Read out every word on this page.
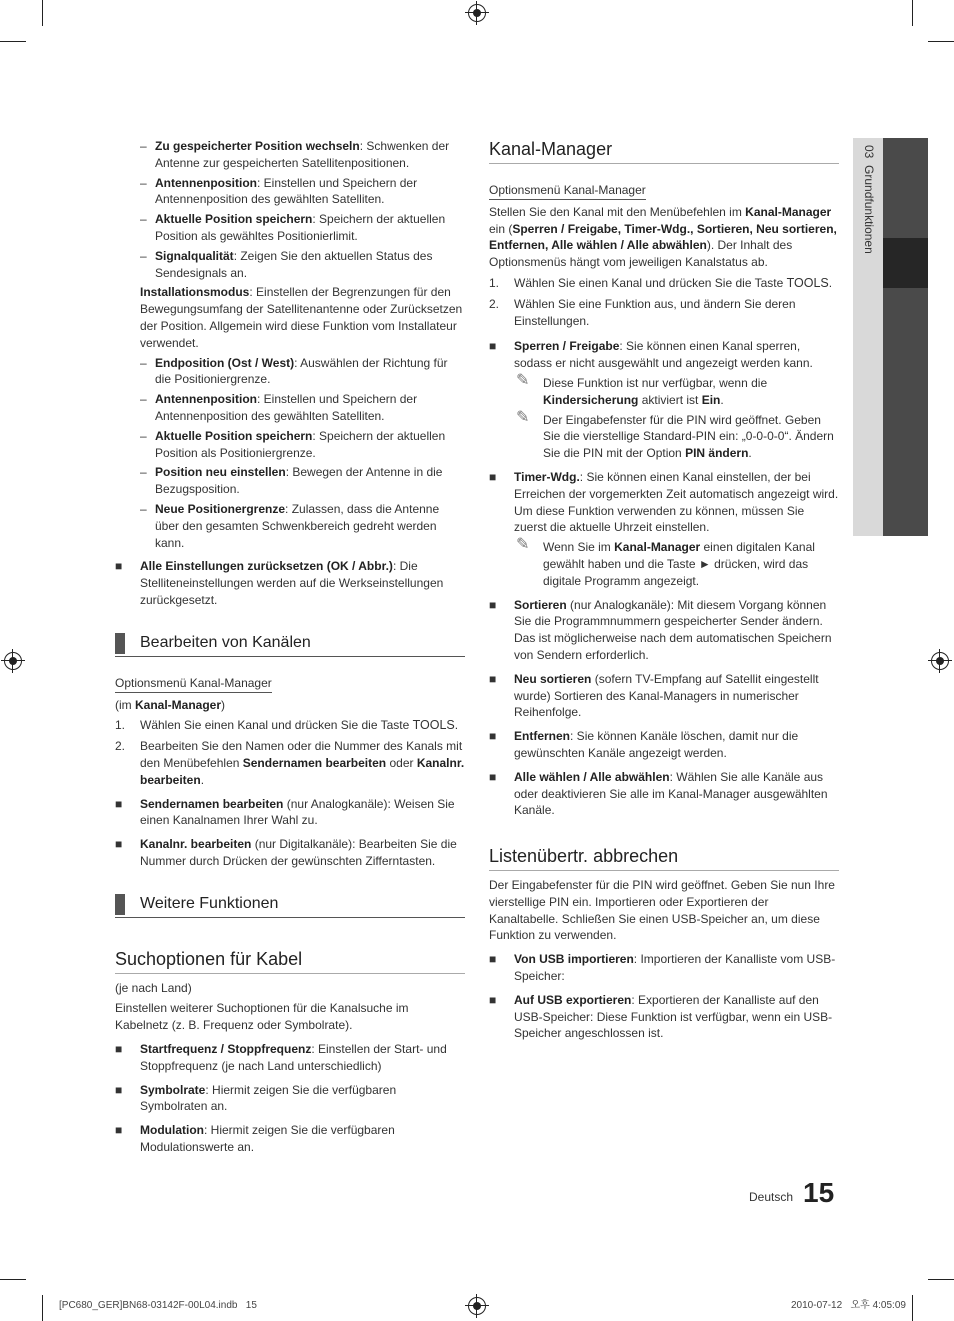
03  Grundfunktionen
– Zu gespeicherter Position wechseln: Schwenken der Antenne zur gespeicherten Satellitenpositionen.
– Antennenposition: Einstellen und Speichern der Antennenposition des gewählten Satelliten.
– Aktuelle Position speichern: Speichern der aktuellen Position als gewähltes Positionierlimit.
– Signalqualität: Zeigen Sie den aktuellen Status des Sendesignals an.
Installationsmodus: Einstellen der Begrenzungen für den Bewegungsumfang der Satellitenantenne oder Zurücksetzen der Position. Allgemein wird diese Funktion vom Installateur verwendet.
– Endposition (Ost / West): Auswählen der Richtung für die Positioniergrenze.
– Antennenposition: Einstellen und Speichern der Antennenposition des gewählten Satelliten.
– Aktuelle Position speichern: Speichern der aktuellen Position als Positioniergrenze.
– Position neu einstellen: Bewegen der Antenne in die Bezugsposition.
– Neue Positionergrenze: Zulassen, dass die Antenne über den gesamten Schwenkbereich gedreht werden kann.
■ Alle Einstellungen zurücksetzen (OK / Abbr.): Die Stelliteneinstellungen werden auf die Werkseinstellungen zurückgesetzt.
Bearbeiten von Kanälen
Optionsmenü Kanal-Manager
(im Kanal-Manager)
1. Wählen Sie einen Kanal und drücken Sie die Taste TOOLS.
2. Bearbeiten Sie den Namen oder die Nummer des Kanals mit den Menübefehlen Sendernamen bearbeiten oder Kanalnr. bearbeiten.
■ Sendernamen bearbeiten (nur Analogkanäle): Weisen Sie einen Kanalnamen Ihrer Wahl zu.
■ Kanalnr. bearbeiten (nur Digitalkanäle): Bearbeiten Sie die Nummer durch Drücken der gewünschten Zifferntasten.
Weitere Funktionen
Suchoptionen für Kabel
(je nach Land)
Einstellen weiterer Suchoptionen für die Kanalsuche im Kabelnetz (z. B. Frequenz oder Symbolrate).
■ Startfrequenz / Stoppfrequenz: Einstellen der Start- und Stoppfrequenz (je nach Land unterschiedlich)
■ Symbolrate: Hiermit zeigen Sie die verfügbaren Symbolraten an.
■ Modulation: Hiermit zeigen Sie die verfügbaren Modulationswerte an.
Kanal-Manager
Optionsmenü Kanal-Manager
Stellen Sie den Kanal mit den Menübefehlen im Kanal-Manager ein (Sperren / Freigabe, Timer-Wdg., Sortieren, Neu sortieren, Entfernen, Alle wählen / Alle abwählen). Der Inhalt des Optionsmenüs hängt vom jeweiligen Kanalstatus ab.
1. Wählen Sie einen Kanal und drücken Sie die Taste TOOLS.
2. Wählen Sie eine Funktion aus, und ändern Sie deren Einstellungen.
■ Sperren / Freigabe: Sie können einen Kanal sperren, sodass er nicht ausgewählt und angezeigt werden kann.
✎ Diese Funktion ist nur verfügbar, wenn die Kindersicherung aktiviert ist Ein.
✎ Der Eingabefenster für die PIN wird geöffnet. Geben Sie die vierstellige Standard-PIN ein: „0-0-0-0“. Ändern Sie die PIN mit der Option PIN ändern.
■ Timer-Wdg.: Sie können einen Kanal einstellen, der bei Erreichen der vorgemerkten Zeit automatisch angezeigt wird. Um diese Funktion verwenden zu können, müssen Sie zuerst die aktuelle Uhrzeit einstellen.
✎ Wenn Sie im Kanal-Manager einen digitalen Kanal gewählt haben und die Taste ► drücken, wird das digitale Programm angezeigt.
■ Sortieren (nur Analogkanäle): Mit diesem Vorgang können Sie die Programmnummern gespeicherter Sender ändern. Das ist möglicherweise nach dem automatischen Speichern von Sendern erforderlich.
■ Neu sortieren (sofern TV-Empfang auf Satellit eingestellt wurde) Sortieren des Kanal-Managers in numerischer Reihenfolge.
■ Entfernen: Sie können Kanäle löschen, damit nur die gewünschten Kanäle angezeigt werden.
■ Alle wählen / Alle abwählen: Wählen Sie alle Kanäle aus oder deaktivieren Sie alle im Kanal-Manager ausgewählten Kanäle.
Listenübertr. abbrechen
Der Eingabefenster für die PIN wird geöffnet. Geben Sie nun Ihre vierstellige PIN ein. Importieren oder Exportieren der Kanaltabelle. Schließen Sie einen USB-Speicher an, um diese Funktion zu verwenden.
■ Von USB importieren: Importieren der Kanalliste vom USB-Speicher:
■ Auf USB exportieren: Exportieren der Kanalliste auf den USB-Speicher: Diese Funktion ist verfügbar, wenn ein USB-Speicher angeschlossen ist.
Deutsch 15
[PC680_GER]BN68-03142F-00L04.indb   15	2010-07-12   오후 4:05:09
